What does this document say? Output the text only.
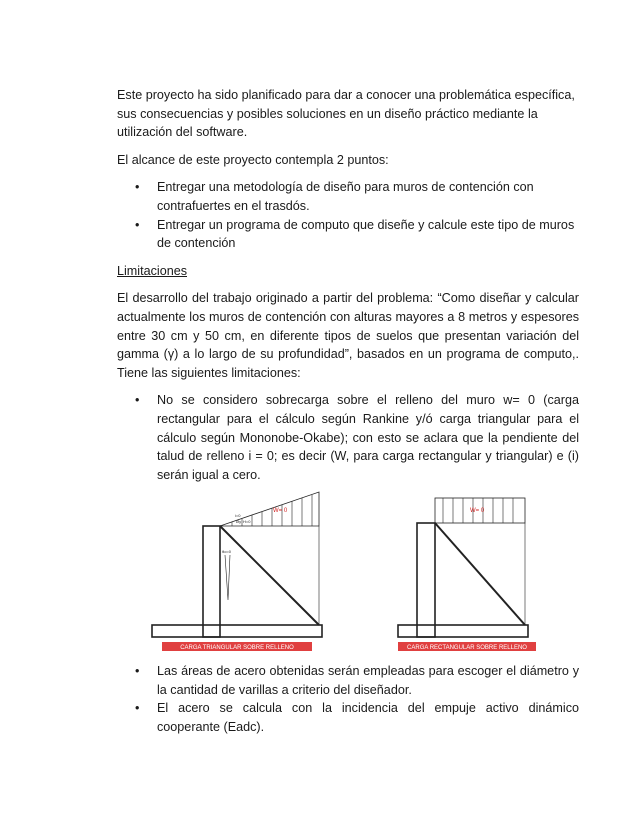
Este proyecto ha sido planificado para dar a conocer una problemática específica, sus consecuencias y posibles soluciones en un diseño práctico mediante la utilización del software.

El alcance de este proyecto contempla 2 puntos:

• Entregar una metodología de diseño para muros de contención con contrafuertes en el trasdós.
• Entregar un programa de computo que diseñe y calcule este tipo de muros de contención

Limitaciones

El desarrollo del trabajo originado a partir del problema: “Como diseñar y calcular actualmente los muros de contención con alturas mayores a 8 metros y espesores entre 30 cm y 50 cm, en diferente tipos de suelos que presentan variación del gamma (γ) a lo largo de su profundidad”, basados en un programa de computo,. Tiene las siguientes limitaciones:

• No se considero sobrecarga sobre el relleno del muro w= 0 (carga rectangular para el cálculo según Rankine y/ó carga triangular para el cálculo según Mononobe-Okabe); con esto se aclara que la pendiente del talud de relleno i = 0; es decir (W, para carga rectangular y triangular) e (i) serán igual a cero.
W= 0
i=0
Øy H=0
θo=0
CARGA TRIANGULAR SOBRE RELLENO
W= 0
CARGA RECTANGULAR SOBRE RELLENO
• Las áreas de acero obtenidas serán empleadas para escoger el diámetro y la cantidad de varillas a criterio del diseñador.
• El acero se calcula con la incidencia del empuje activo dinámico cooperante (Eadc).
